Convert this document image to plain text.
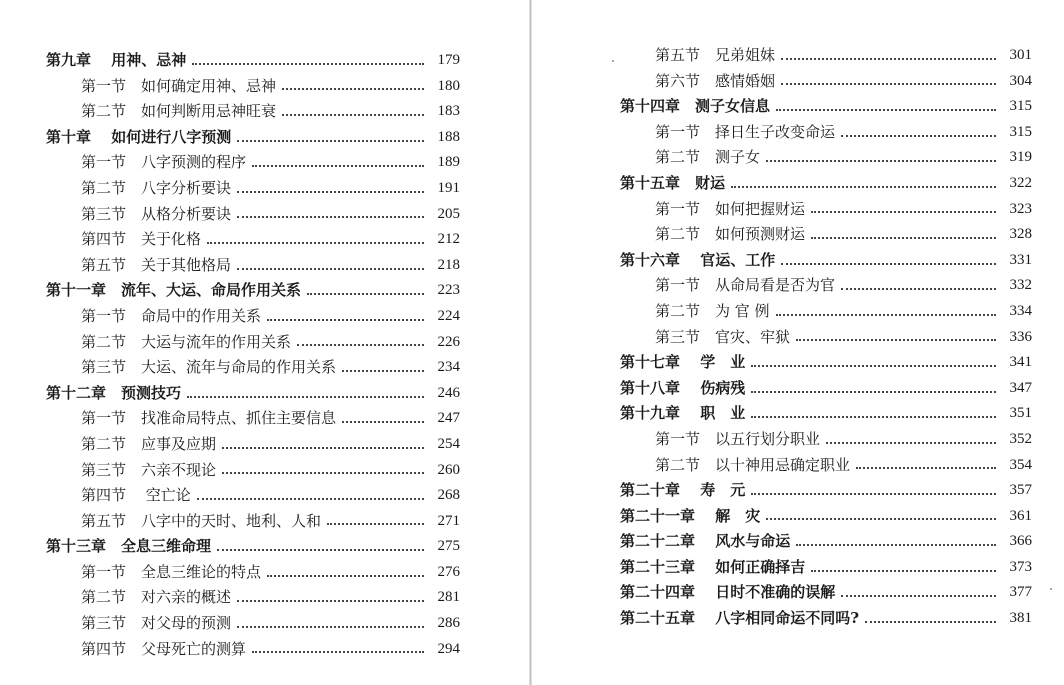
第九章　 用神、忌神	179
第一节　如何确定用神、忌神	180
第二节　如何判断用忌神旺衰	183
第十章　 如何进行八字预测	188
第一节　八字预测的程序	189
第二节　八字分析要诀	191
第三节　从格分析要诀	205
第四节　关于化格	212
第五节　关于其他格局	218
第十一章　流年、大运、命局作用关系	223
第一节　命局中的作用关系	224
第二节　大运与流年的作用关系	226
第三节　大运、流年与命局的作用关系	234
第十二章　预测技巧	246
第一节　找准命局特点、抓住主要信息	247
第二节　应事及应期	254
第三节　六亲不现论	260
第四节　 空亡论	268
第五节　八字中的天时、地利、人和	271
第十三章　全息三维命理	275
第一节　全息三维论的特点	276
第二节　对六亲的概述	281
第三节　对父母的预测	286
第四节　父母死亡的测算	294
第五节　兄弟姐妹	301
第六节　感情婚姻	304
第十四章　测子女信息	315
第一节　择日生子改变命运	315
第二节　测子女	319
第十五章　财运	322
第一节　如何把握财运	323
第二节　如何预测财运	328
第十六章　 官运、工作	331
第一节　从命局看是否为官	332
第二节　为 官 例	334
第三节　官灾、牢狱	336
第十七章　 学　业	341
第十八章　 伤病残	347
第十九章　 职　业	351
第一节　以五行划分职业	352
第二节　以十神用忌确定职业	354
第二十章　 寿　元	357
第二十一章　 解　灾	361
第二十二章　 风水与命运	366
第二十三章　 如何正确择吉	373
第二十四章　 日时不准确的误解	377
第二十五章　 八字相同命运不同吗?	381
